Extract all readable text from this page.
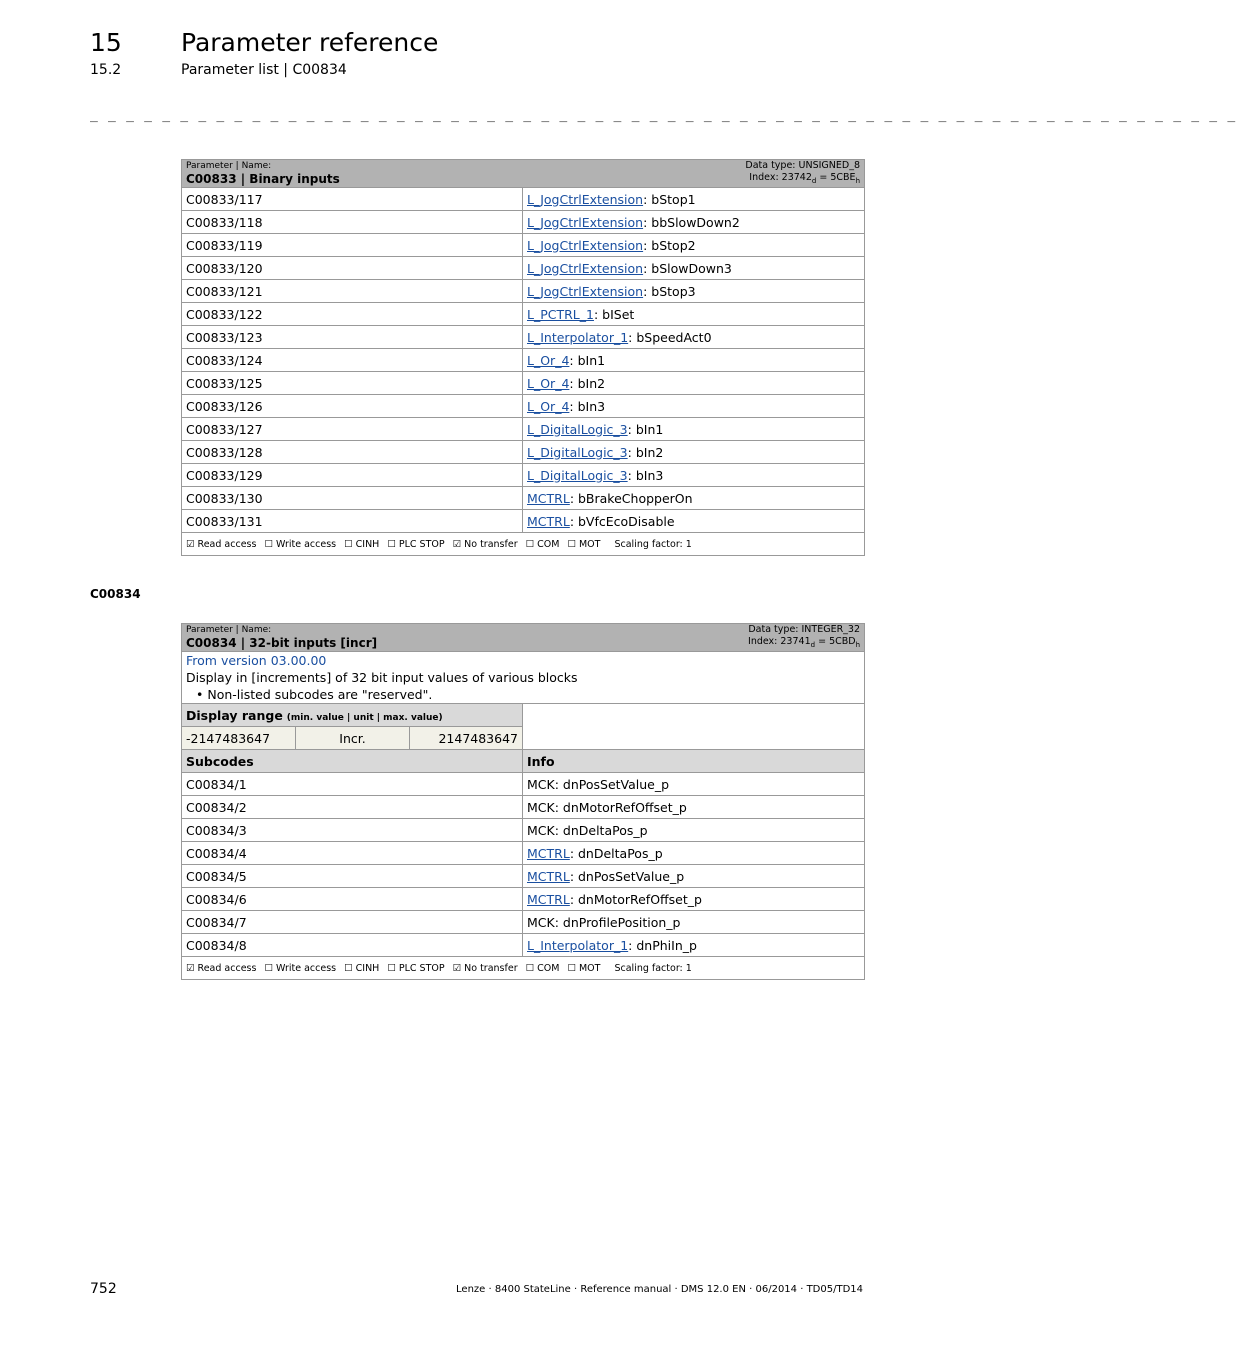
15 Parameter reference
15.2	Parameter list | C00834
_ _ _ _ _ _ _ _ _ _ _ _ _ _ _ _ _ _ _ _ _ _ _ _ _ _ _ _ _ _ _ _ _ _ _ _ _ _ _ _ _ _ _ _ _ _ _ _ _ _ _ _ _ _ _ _ _ _ _ _ _ _ _ _
Data type: UNSIGNED_8
Index: $23742_d = 5CBE_h$
Parameter | Name:
C00833 | Binary inputs	

C00833/117	L_JogCtrlExtension: bStop1
C00833/118	L_JogCtrlExtension: bbSlowDown2
C00833/119	L_JogCtrlExtension: bStop2
C00833/120	L_JogCtrlExtension: bSlowDown3
C00833/121	L_JogCtrlExtension: bStop3
C00833/122	L_PCTRL_1: bISet
C00833/123	L_Interpolator_1: bSpeedAct0
C00833/124	L_Or_4: bIn1
C00833/125	L_Or_4: bIn2
C00833/126	L_Or_4: bIn3
C00833/127	L_DigitalLogic_3: bIn1
C00833/128	L_DigitalLogic_3: bIn2
C00833/129	L_DigitalLogic_3: bIn3
C00833/130	MCTRL: bBrakeChopperOn
C00833/131	MCTRL: bVfcEcoDisable
☑ Read access ☐ Write access ☐ CINH ☐ PLC STOP ☑ No transfer ☐ COM ☐ MOT Scaling factor: 1	
C00834
Data type: INTEGER_32
Index: $23741_d = 5CBD_h$
Parameter | Name:
C00834 | 32-bit inputs [incr]			

From version 03.00.00
Display in [increments] of 32 bit input values of various blocks
• Non-listed subcodes are "reserved".			

Display range (min. value | unit | max. value)			
-2147483647	Incr.	2147483647	
Subcodes			Info
C00834/1			MCK: dnPosSetValue_p
C00834/2			MCK: dnMotorRefOffset_p
C00834/3			MCK: dnDeltaPos_p
C00834/4			MCTRL: dnDeltaPos_p
C00834/5			MCTRL: dnPosSetValue_p
C00834/6			MCTRL: dnMotorRefOffset_p
C00834/7			MCK: dnProfilePosition_p
C00834/8			L_Interpolator_1: dnPhiIn_p
☑ Read access ☐ Write access ☐ CINH ☐ PLC STOP ☑ No transfer ☐ COM ☐ MOT Scaling factor: 1			
752	Lenze · 8400 StateLine · Reference manual · DMS 12.0 EN · 06/2014 · TD05/TD14
